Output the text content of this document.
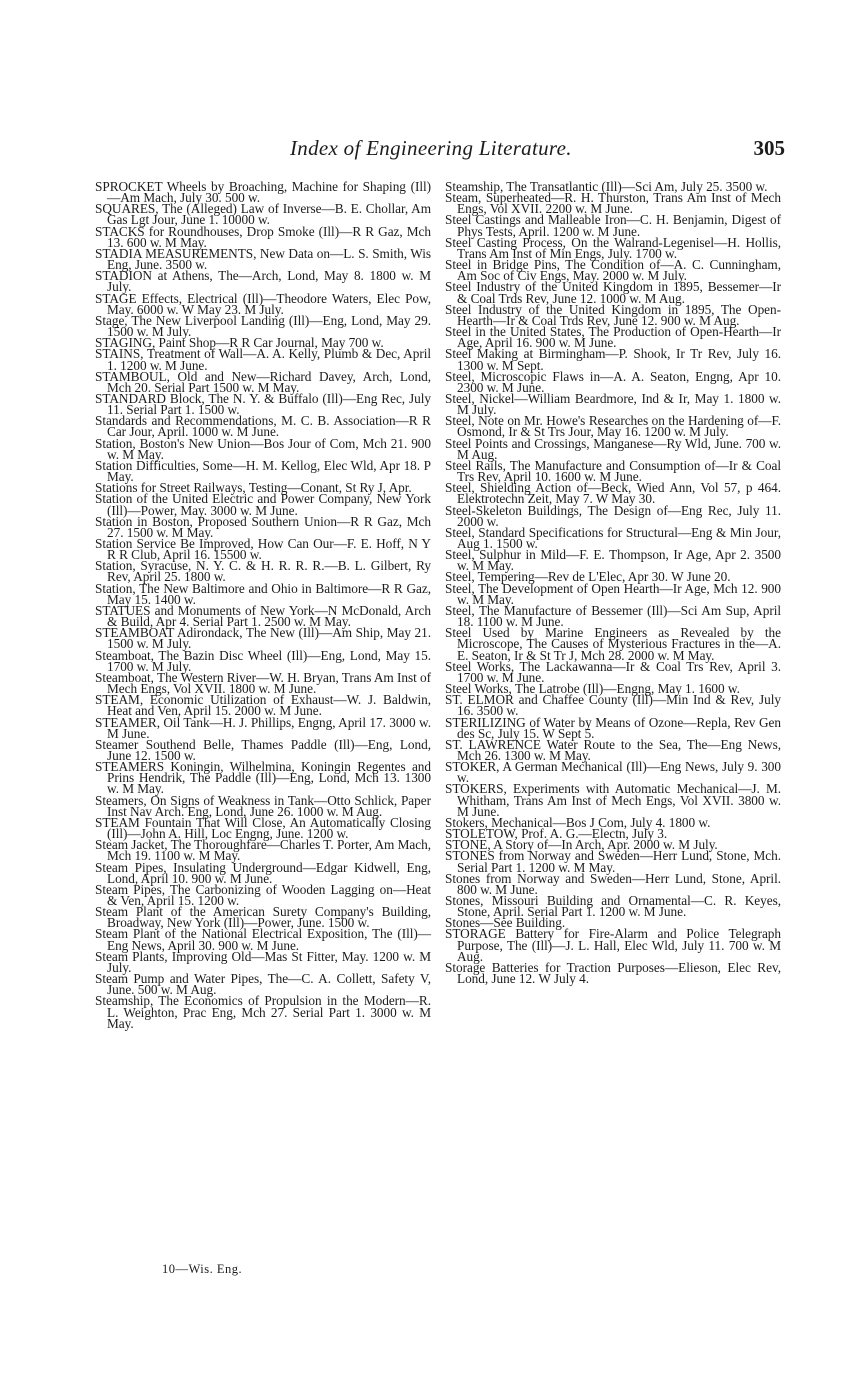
Index of Engineering Literature.	305

SPROCKET Wheels by Broaching, Machine for Shaping (Ill)—Am Mach, July 30. 500 w.

SQUARES, The (Alleged) Law of Inverse—B. E. Chollar, Am Gas Lgt Jour, June 1. 10000 w.

STACKS for Roundhouses, Drop Smoke (Ill)—R R Gaz, Mch 13. 600 w. M May.

STADIA MEASUREMENTS, New Data on—L. S. Smith, Wis Eng, June. 3500 w.

STADION at Athens, The—Arch, Lond, May 8. 1800 w. M July.

STAGE Effects, Electrical (Ill)—Theodore Waters, Elec Pow, May. 6000 w. W May 23. M July.

Stage, The New Liverpool Landing (Ill)—Eng, Lond, May 29. 1500 w. M July.

STAGING, Paint Shop—R R Car Journal, May 700 w.

STAINS, Treatment of Wall—A. A. Kelly, Plumb & Dec, April 1. 1200 w. M June.

STAMBOUL, Old and New—Richard Davey, Arch, Lond, Mch 20. Serial Part 1500 w. M May.

STANDARD Block, The N. Y. & Buffalo (Ill)—Eng Rec, July 11. Serial Part 1. 1500 w.

Standards and Recommendations, M. C. B. Association—R R Car Jour, April. 1000 w. M June.

Station, Boston's New Union—Bos Jour of Com, Mch 21. 900 w. M May.

Station Difficulties, Some—H. M. Kellog, Elec Wld, Apr 18. P May.

Stations for Street Railways, Testing—Conant, St Ry J, Apr.

Station of the United Electric and Power Company, New York (Ill)—Power, May. 3000 w. M June.

Station in Boston, Proposed Southern Union—R R Gaz, Mch 27. 1500 w. M May.

Station Service Be Improved, How Can Our—F. E. Hoff, N Y R R Club, April 16. 15500 w.

Station, Syracuse, N. Y. C. & H. R. R. R.—B. L. Gilbert, Ry Rev, April 25. 1800 w.

Station, The New Baltimore and Ohio in Baltimore—R R Gaz, May 15. 1400 w.

STATUES and Monuments of New York—N McDonald, Arch & Build, Apr 4. Serial Part 1. 2500 w. M May.

STEAMBOAT Adirondack, The New (Ill)—Am Ship, May 21. 1500 w. M July.

Steamboat, The Bazin Disc Wheel (Ill)—Eng, Lond, May 15. 1700 w. M July.

Steamboat, The Western River—W. H. Bryan, Trans Am Inst of Mech Engs, Vol XVII. 1800 w. M June.

STEAM, Economic Utilization of Exhaust—W. J. Baldwin, Heat and Ven, April 15. 2000 w. M June.

STEAMER, Oil Tank—H. J. Phillips, Engng, April 17. 3000 w. M June.

Steamer Southend Belle, Thames Paddle (Ill)—Eng, Lond, June 12. 1500 w.

STEAMERS Koningin, Wilhelmina, Koningin Regentes and Prins Hendrik, The Paddle (Ill)—Eng, Lond, Mch 13. 1300 w. M May.

Steamers, On Signs of Weakness in Tank—Otto Schlick, Paper Inst Nav Arch. Eng, Lond, June 26. 1000 w. M Aug.

STEAM Fountain That Will Close, An Automatically Closing (Ill)—John A. Hill, Loc Engng, June. 1200 w.

Steam Jacket, The Thoroughfare—Charles T. Porter, Am Mach, Mch 19. 1100 w. M May.

Steam Pipes, Insulating Underground—Edgar Kidwell, Eng, Lond, April 10. 900 w. M June.

Steam Pipes, The Carbonizing of Wooden Lagging on—Heat & Ven, April 15. 1200 w.

Steam Plant of the American Surety Company's Building, Broadway, New York (Ill)—Power, June. 1500 w.

Steam Plant of the National Electrical Exposition, The (Ill)—Eng News, April 30. 900 w. M June.

Steam Plants, Improving Old—Mas St Fitter, May. 1200 w. M July.

Steam Pump and Water Pipes, The—C. A. Collett, Safety V, June. 500 w. M Aug.

Steamship, The Economics of Propulsion in the Modern—R. L. Weighton, Prac Eng, Mch 27. Serial Part 1. 3000 w. M May.

Steamship, The Transatlantic (Ill)—Sci Am, July 25. 3500 w.

Steam, Superheated—R. H. Thurston, Trans Am Inst of Mech Engs, Vol XVII. 2200 w. M June.

Steel Castings and Malleable Iron—C. H. Benjamin, Digest of Phys Tests, April. 1200 w. M June.

Steel Casting Process, On the Walrand-Legenisel—H. Hollis, Trans Am Inst of Min Engs, July. 1700 w.

Steel in Bridge Pins, The Condition of—A. C. Cunningham, Am Soc of Civ Engs, May. 2000 w. M July.

Steel Industry of the United Kingdom in 1895, Bessemer—Ir & Coal Trds Rev, June 12. 1000 w. M Aug.

Steel Industry of the United Kingdom in 1895, The Open-Hearth—Ir & Coal Trds Rev, June 12. 900 w. M Aug.

Steel in the United States, The Production of Open-Hearth—Ir Age, April 16. 900 w. M June.

Steel Making at Birmingham—P. Shook, Ir Tr Rev, July 16. 1300 w. M Sept.

Steel, Microscopic Flaws in—A. A. Seaton, Engng, Apr 10. 2300 w. M June.

Steel, Nickel—William Beardmore, Ind & Ir, May 1. 1800 w. M July.

Steel, Note on Mr. Howe's Researches on the Hardening of—F. Osmond, Ir & St Trs Jour, May 16. 1200 w. M July.

Steel Points and Crossings, Manganese—Ry Wld, June. 700 w. M Aug.

Steel Rails, The Manufacture and Consumption of—Ir & Coal Trs Rev, April 10. 1600 w. M June.

Steel, Shielding Action of—Beck, Wied Ann, Vol 57, p 464. Elektrotechn Zeit, May 7. W May 30.

Steel-Skeleton Buildings, The Design of—Eng Rec, July 11. 2000 w.

Steel, Standard Specifications for Structural—Eng & Min Jour, Aug 1. 1500 w.

Steel, Sulphur in Mild—F. E. Thompson, Ir Age, Apr 2. 3500 w. M May.

Steel, Tempering—Rev de L'Elec, Apr 30. W June 20.

Steel, The Development of Open Hearth—Ir Age, Mch 12. 900 w. M May.

Steel, The Manufacture of Bessemer (Ill)—Sci Am Sup, April 18. 1100 w. M June.

Steel Used by Marine Engineers as Revealed by the Microscope, The Causes of Mysterious Fractures in the—A. E. Seaton, Ir & St Tr J, Mch 28. 2000 w. M May.

Steel Works, The Lackawanna—Ir & Coal Trs Rev, April 3. 1700 w. M June.

Steel Works, The Latrobe (Ill)—Engng, May 1. 1600 w.

ST. ELMOR and Chaffee County (Ill)—Min Ind & Rev, July 16. 3500 w.

STERILIZING of Water by Means of Ozone—Repla, Rev Gen des Sc, July 15. W Sept 5.

ST. LAWRENCE Water Route to the Sea, The—Eng News, Mch 26. 1300 w. M May.

STOKER, A German Mechanical (Ill)—Eng News, July 9. 300 w.

STOKERS, Experiments with Automatic Mechanical—J. M. Whitham, Trans Am Inst of Mech Engs, Vol XVII. 3800 w. M June.

Stokers, Mechanical—Bos J Com, July 4. 1800 w.

STOLETOW, Prof. A. G.—Electn, July 3.

STONE, A Story of—In Arch, Apr. 2000 w. M July.

STONES from Norway and Sweden—Herr Lund, Stone, Mch. Serial Part 1. 1200 w. M May.

Stones from Norway and Sweden—Herr Lund, Stone, April. 800 w. M June.

Stones, Missouri Building and Ornamental—C. R. Keyes, Stone, April. Serial Part 1. 1200 w. M June.

Stones—See Building.

STORAGE Battery for Fire-Alarm and Police Telegraph Purpose, The (Ill)—J. L. Hall, Elec Wld, July 11. 700 w. M Aug.

Storage Batteries for Traction Purposes—Elieson, Elec Rev, Lond, June 12. W July 4.

10—Wis. Eng.
